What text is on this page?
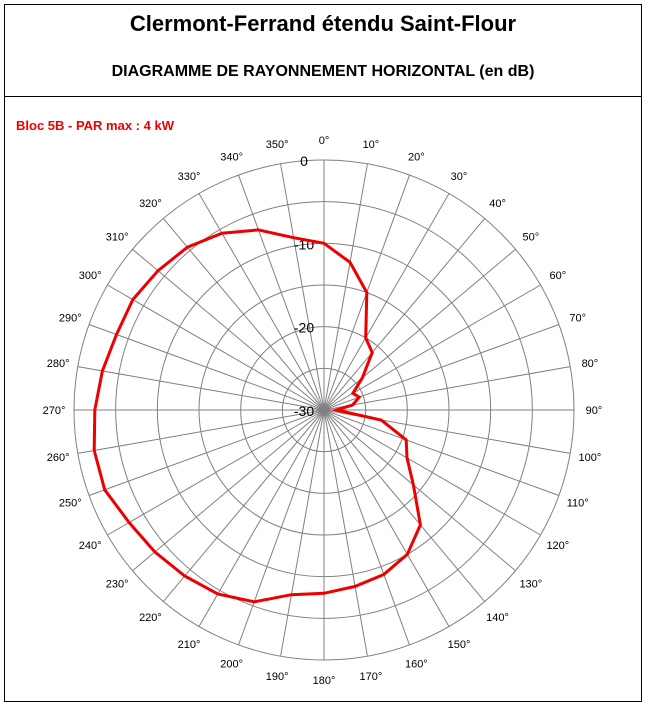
Clermont-Ferrand étendu Saint-Flour
DIAGRAMME DE RAYONNEMENT HORIZONTAL (en dB)
Bloc 5B - PAR max : 4 kW
0°	10°
20°
30°
40°
50°
60°
70°
80°
90°
100°
110°
120°
130°
140°
150°
160°
170°
180°
190°
200°
210°
220°
230°
240°
250°
260°
270°
280°
290°
300°
310°
320°
330°
340°
350°
0
-10
-20
-30
